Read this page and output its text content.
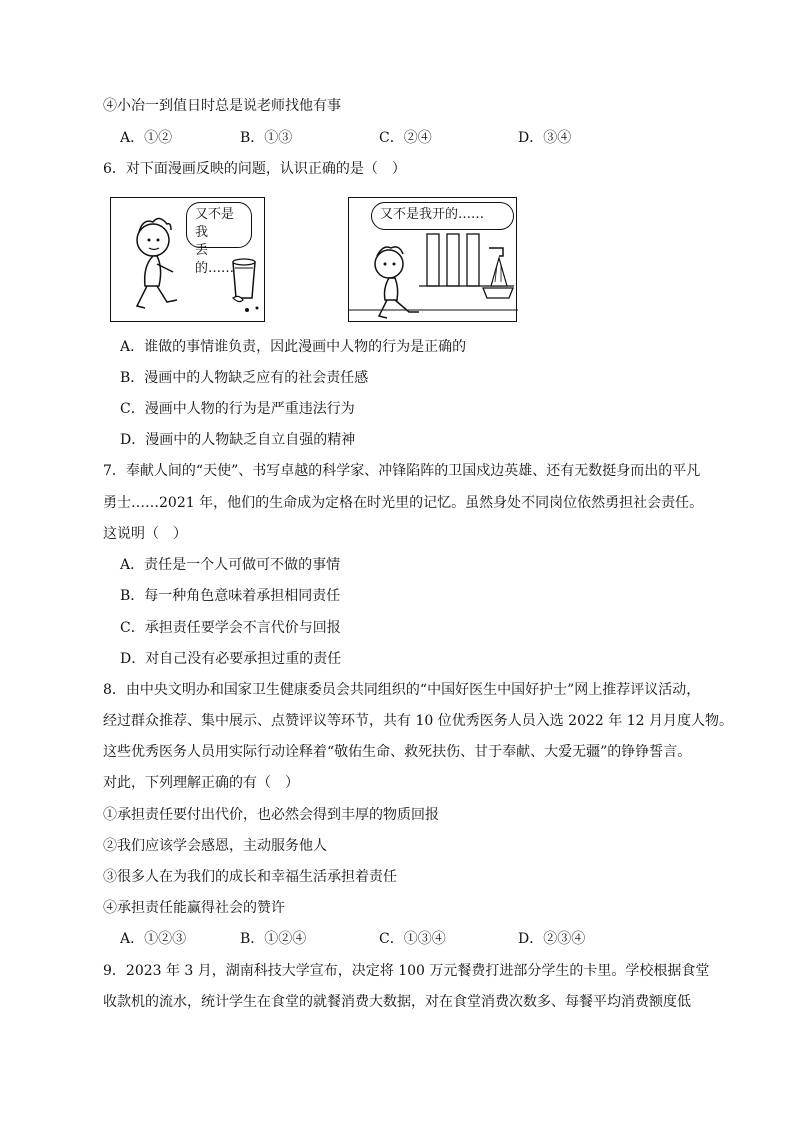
④小冶一到值日时总是说老师找他有事
A．①②	B．①③	C．②④	D．③④
6．对下面漫画反映的问题，认识正确的是（　）
又不是我
丢的……
又不是我开的……
A．谁做的事情谁负责，因此漫画中人物的行为是正确的
B．漫画中的人物缺乏应有的社会责任感
C．漫画中人物的行为是严重违法行为
D．漫画中的人物缺乏自立自强的精神
7．奉献人间的“天使”、书写卓越的科学家、冲锋陷阵的卫国戍边英雄、还有无数挺身而出的平凡
勇士……2021 年，他们的生命成为定格在时光里的记忆。虽然身处不同岗位依然勇担社会责任。
这说明（　）
A．责任是一个人可做可不做的事情
B．每一种角色意味着承担相同责任
C．承担责任要学会不言代价与回报
D．对自己没有必要承担过重的责任
8．由中央文明办和国家卫生健康委员会共同组织的“中国好医生中国好护士”网上推荐评议活动，
经过群众推荐、集中展示、点赞评议等环节，共有 10 位优秀医务人员入选 2022 年 12 月月度人物。
这些优秀医务人员用实际行动诠释着“敬佑生命、救死扶伤、甘于奉献、大爱无疆”的铮铮誓言。
对此，下列理解正确的有（　）
①承担责任要付出代价，也必然会得到丰厚的物质回报
②我们应该学会感恩，主动服务他人
③很多人在为我们的成长和幸福生活承担着责任
④承担责任能赢得社会的赞许
A．①②③	B．①②④	C．①③④	D．②③④
9．2023 年 3 月，湖南科技大学宣布，决定将 100 万元餐费打进部分学生的卡里。学校根据食堂
收款机的流水，统计学生在食堂的就餐消费大数据，对在食堂消费次数多、每餐平均消费额度低
